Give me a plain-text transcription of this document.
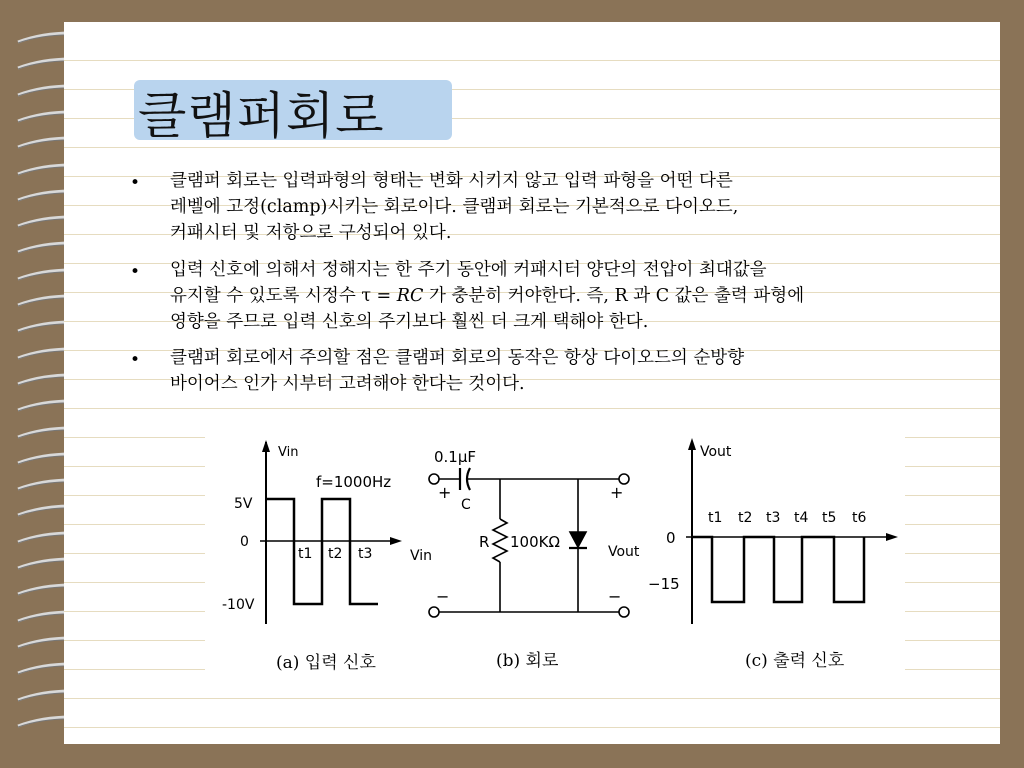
클램퍼회로
• 클램퍼 회로는 입력파형의 형태는 변화 시키지 않고 입력 파형을 어떤 다른
레벨에 고정(clamp)시키는 회로이다. 클램퍼 회로는 기본적으로 다이오드,
커패시터 및 저항으로 구성되어 있다.
• 입력 신호에 의해서 정해지는 한 주기 동안에 커패시터 양단의 전압이 최대값을
유지할 수 있도록 시정수 τ = RC 가 충분히 커야한다. 즉, R 과 C 값은 출력 파형에
영향을 주므로 입력 신호의 주기보다 훨씬 더 크게 택해야 한다.
• 클램퍼 회로에서 주의할 점은 클램퍼 회로의 동작은 항상 다이오드의 순방향
바이어스 인가 시부터 고려해야 한다는 것이다.
Vin
f=1000Hz
5V
0
-10V
t1 t2 t3
(a) 입력 신호
0.1μF
C
+	+
R 100KΩ
Vin	Vout
−	−
(b) 회로
Vout
0
−15
t1 t2 t3 t4 t5 t6
(c) 출력 신호
